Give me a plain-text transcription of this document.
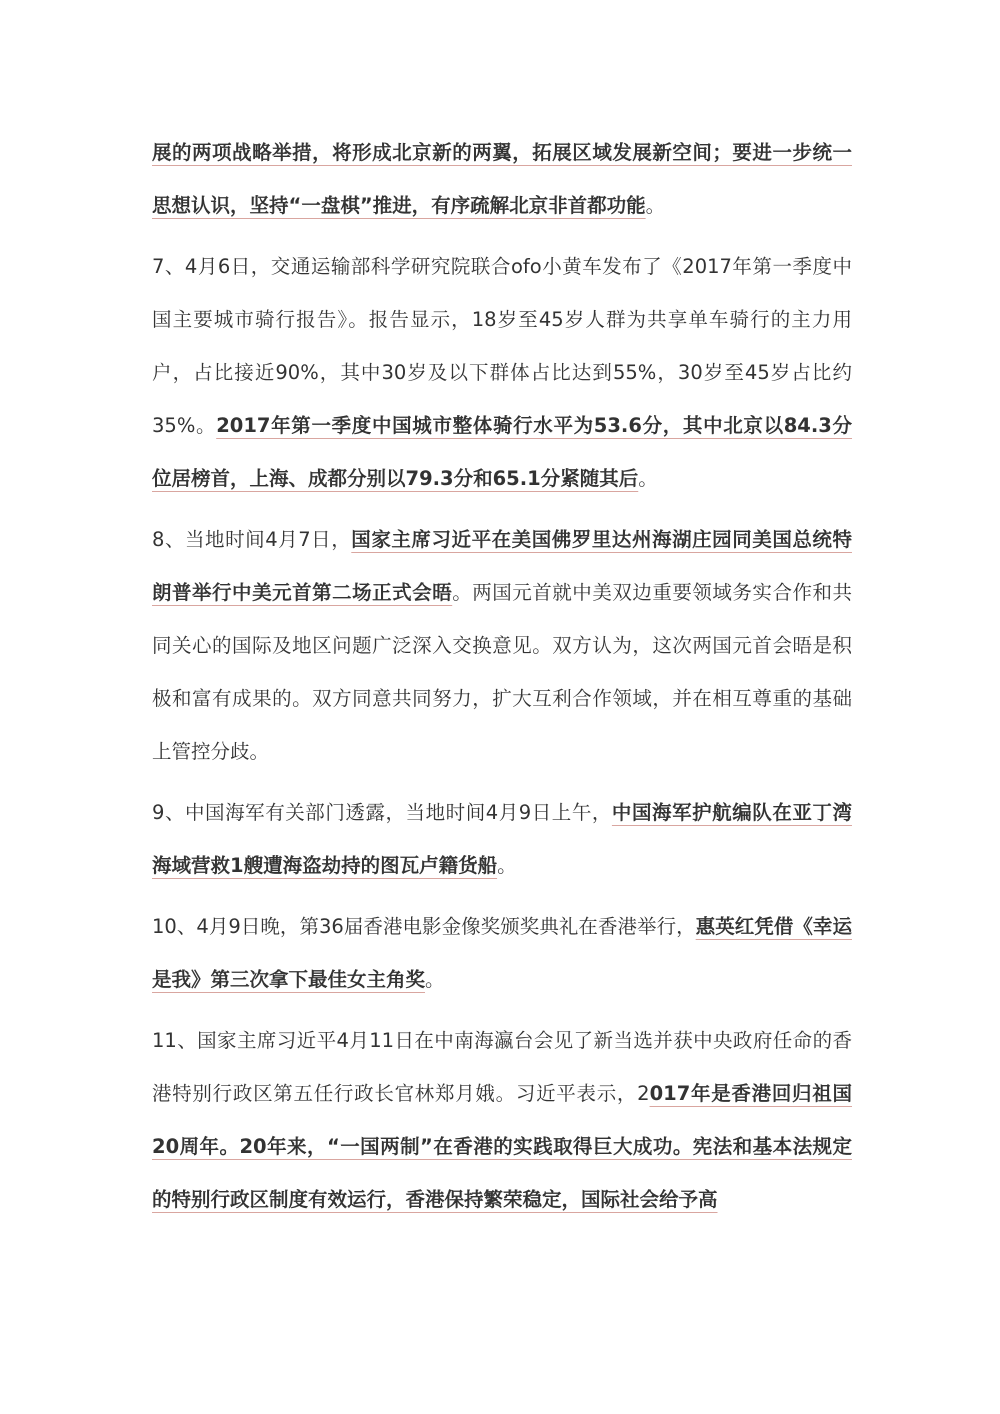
展的两项战略举措，将形成北京新的两翼，拓展区域发展新空间；要进一步统一思想认识，坚持“一盘棋”推进，有序疏解北京非首都功能。

7、4月6日，交通运输部科学研究院联合ofo小黄车发布了《2017年第一季度中国主要城市骑行报告》。报告显示，18岁至45岁人群为共享单车骑行的主力用户，占比接近90%，其中30岁及以下群体占比达到55%，30岁至45岁占比约35%。2017年第一季度中国城市整体骑行水平为53.6分，其中北京以84.3分位居榜首，上海、成都分别以79.3分和65.1分紧随其后。

8、当地时间4月7日，国家主席习近平在美国佛罗里达州海湖庄园同美国总统特朗普举行中美元首第二场正式会晤。两国元首就中美双边重要领域务实合作和共同关心的国际及地区问题广泛深入交换意见。双方认为，这次两国元首会晤是积极和富有成果的。双方同意共同努力，扩大互利合作领域，并在相互尊重的基础上管控分歧。

9、中国海军有关部门透露，当地时间4月9日上午，中国海军护航编队在亚丁湾海域营救1艘遭海盗劫持的图瓦卢籍货船。

10、4月9日晚，第36届香港电影金像奖颁奖典礼在香港举行，惠英红凭借《幸运是我》第三次拿下最佳女主角奖。

11、国家主席习近平4月11日在中南海瀛台会见了新当选并获中央政府任命的香港特别行政区第五任行政长官林郑月娥。习近平表示，2017年是香港回归祖国20周年。20年来，“一国两制”在香港的实践取得巨大成功。宪法和基本法规定的特别行政区制度有效运行，香港保持繁荣稳定，国际社会给予高
